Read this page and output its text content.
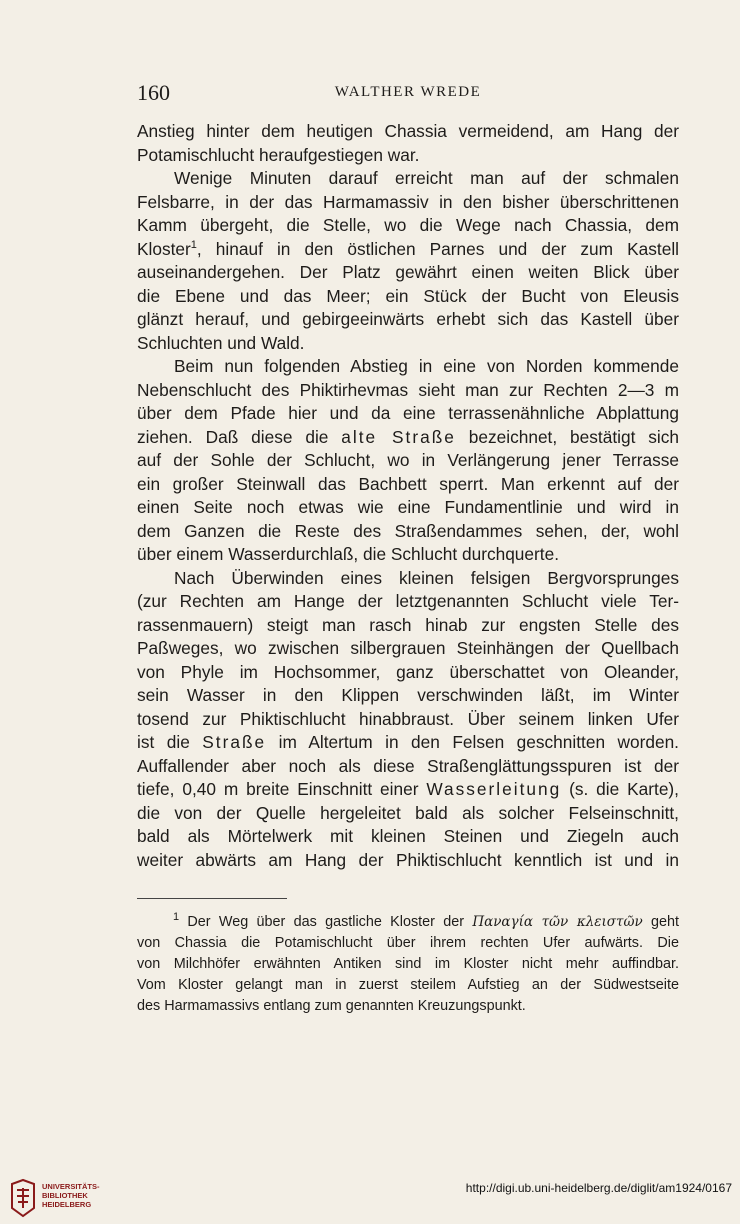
160	WALTHER WREDE
Anstieg hinter dem heutigen Chassia vermeidend, am Hang der
Potamischlucht heraufgestiegen war.
Wenige Minuten darauf erreicht man auf der schmalen
Felsbarre, in der das Harmamassiv in den bisher überschrittenen
Kamm übergeht, die Stelle, wo die Wege nach Chassia, dem
Kloster$^1$, hinauf in den östlichen Parnes und der zum Kastell
auseinandergehen. Der Platz gewährt einen weiten Blick über
die Ebene und das Meer; ein Stück der Bucht von Eleusis
glänzt herauf, und gebirgeeinwärts erhebt sich das Kastell über
Schluchten und Wald.
Beim nun folgenden Abstieg in eine von Norden kommende
Nebenschlucht des Phiktirhevmas sieht man zur Rechten 2—3 m
über dem Pfade hier und da eine terrassenähnliche Abplattung
ziehen. Daß diese die alte Straße bezeichnet, bestätigt sich
auf der Sohle der Schlucht, wo in Verlängerung jener Terrasse
ein großer Steinwall das Bachbett sperrt. Man erkennt auf der
einen Seite noch etwas wie eine Fundamentlinie und wird in
dem Ganzen die Reste des Straßendammes sehen, der, wohl
über einem Wasserdurchlaß, die Schlucht durchquerte.
Nach Überwinden eines kleinen felsigen Bergvorsprunges
(zur Rechten am Hange der letztgenannten Schlucht viele Ter-
rassenmauern) steigt man rasch hinab zur engsten Stelle des
Paßweges, wo zwischen silbergrauen Steinhängen der Quellbach
von Phyle im Hochsommer, ganz überschattet von Oleander,
sein Wasser in den Klippen verschwinden läßt, im Winter
tosend zur Phiktischlucht hinabbraust. Über seinem linken Ufer
ist die Straße im Altertum in den Felsen geschnitten worden.
Auffallender aber noch als diese Straßenglättungsspuren ist der
tiefe, 0,40 m breite Einschnitt einer Wasserleitung (s. die Karte),
die von der Quelle hergeleitet bald als solcher Felseinschnitt,
bald als Mörtelwerk mit kleinen Steinen und Ziegeln auch
weiter abwärts am Hang der Phiktischlucht kenntlich ist und in
$^1$ Der Weg über das gastliche Kloster der Παναγία τῶν κλειστῶν geht
von Chassia die Potamischlucht über ihrem rechten Ufer aufwärts. Die
von Milchhöfer erwähnten Antiken sind im Kloster nicht mehr auffindbar.
Vom Kloster gelangt man in zuerst steilem Aufstieg an der Südwestseite
des Harmamassivs entlang zum genannten Kreuzungspunkt.
UNIVERSITÄTS-
BIBLIOTHEK
HEIDELBERG
http://digi.ub.uni-heidelberg.de/diglit/am1924/0167
